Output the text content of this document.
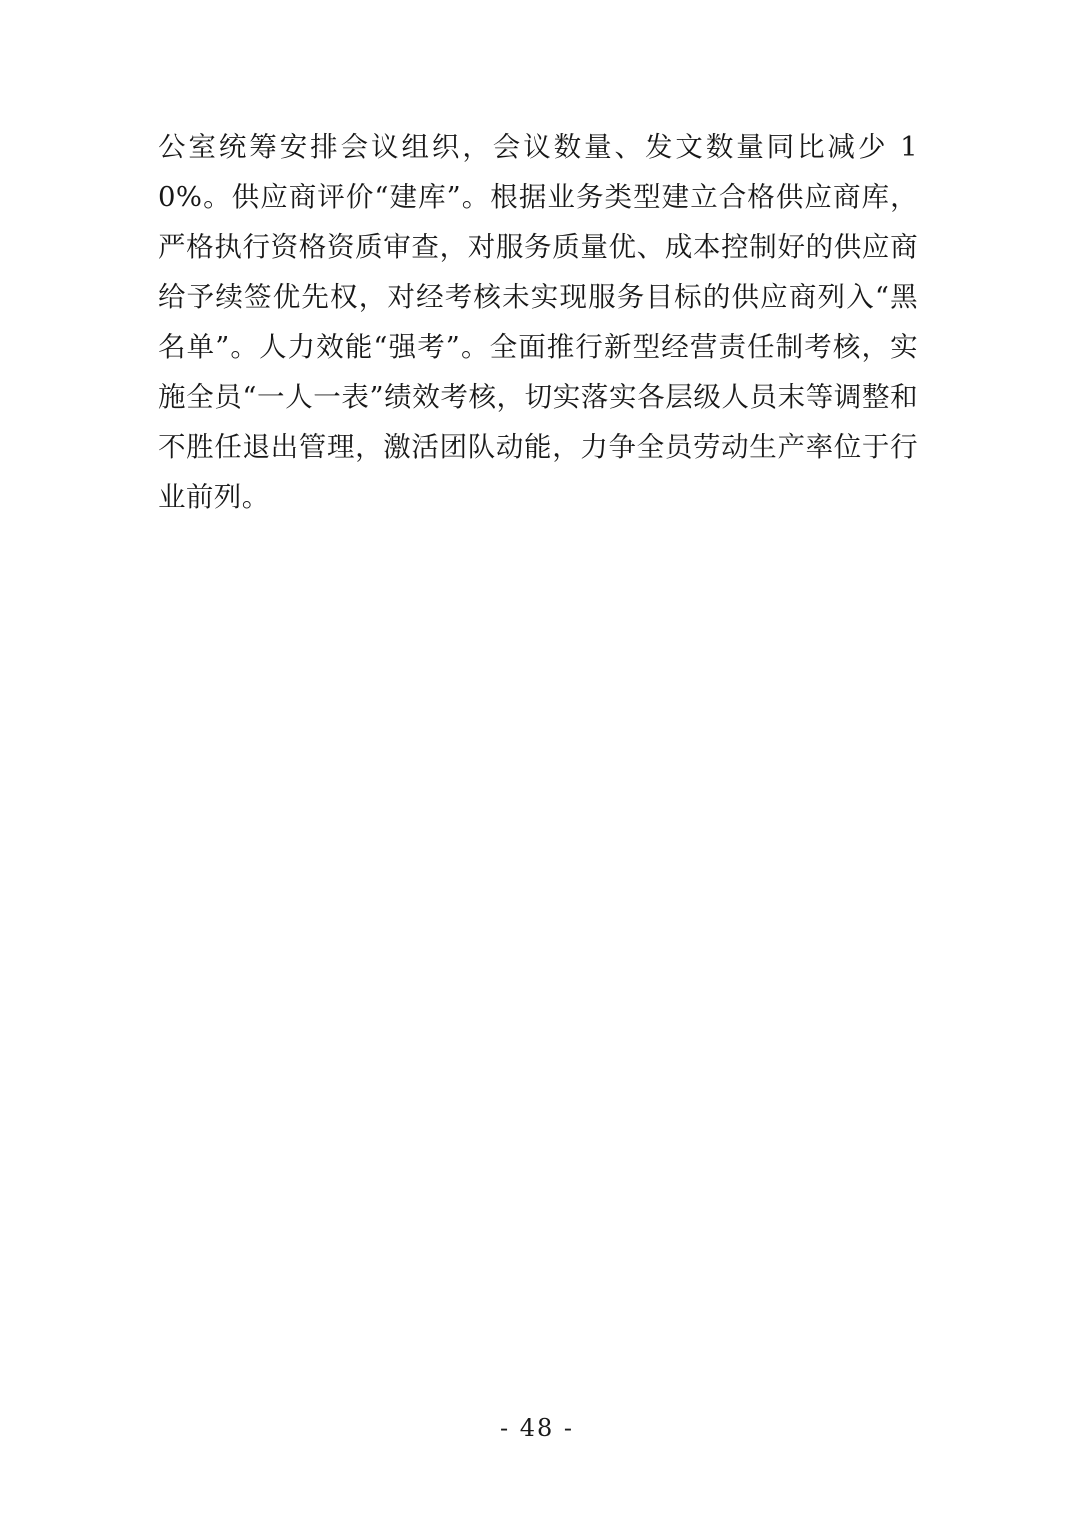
公室统筹安排会议组织，会议数量、发文数量同比减少 10%。供应商评价“建库”。根据业务类型建立合格供应商库，严格执行资格资质审查，对服务质量优、成本控制好的供应商给予续签优先权，对经考核未实现服务目标的供应商列入“黑名单”。人力效能“强考”。全面推行新型经营责任制考核，实施全员“一人一表”绩效考核，切实落实各层级人员末等调整和不胜任退出管理，激活团队动能，力争全员劳动生产率位于行业前列。

- 48 -
